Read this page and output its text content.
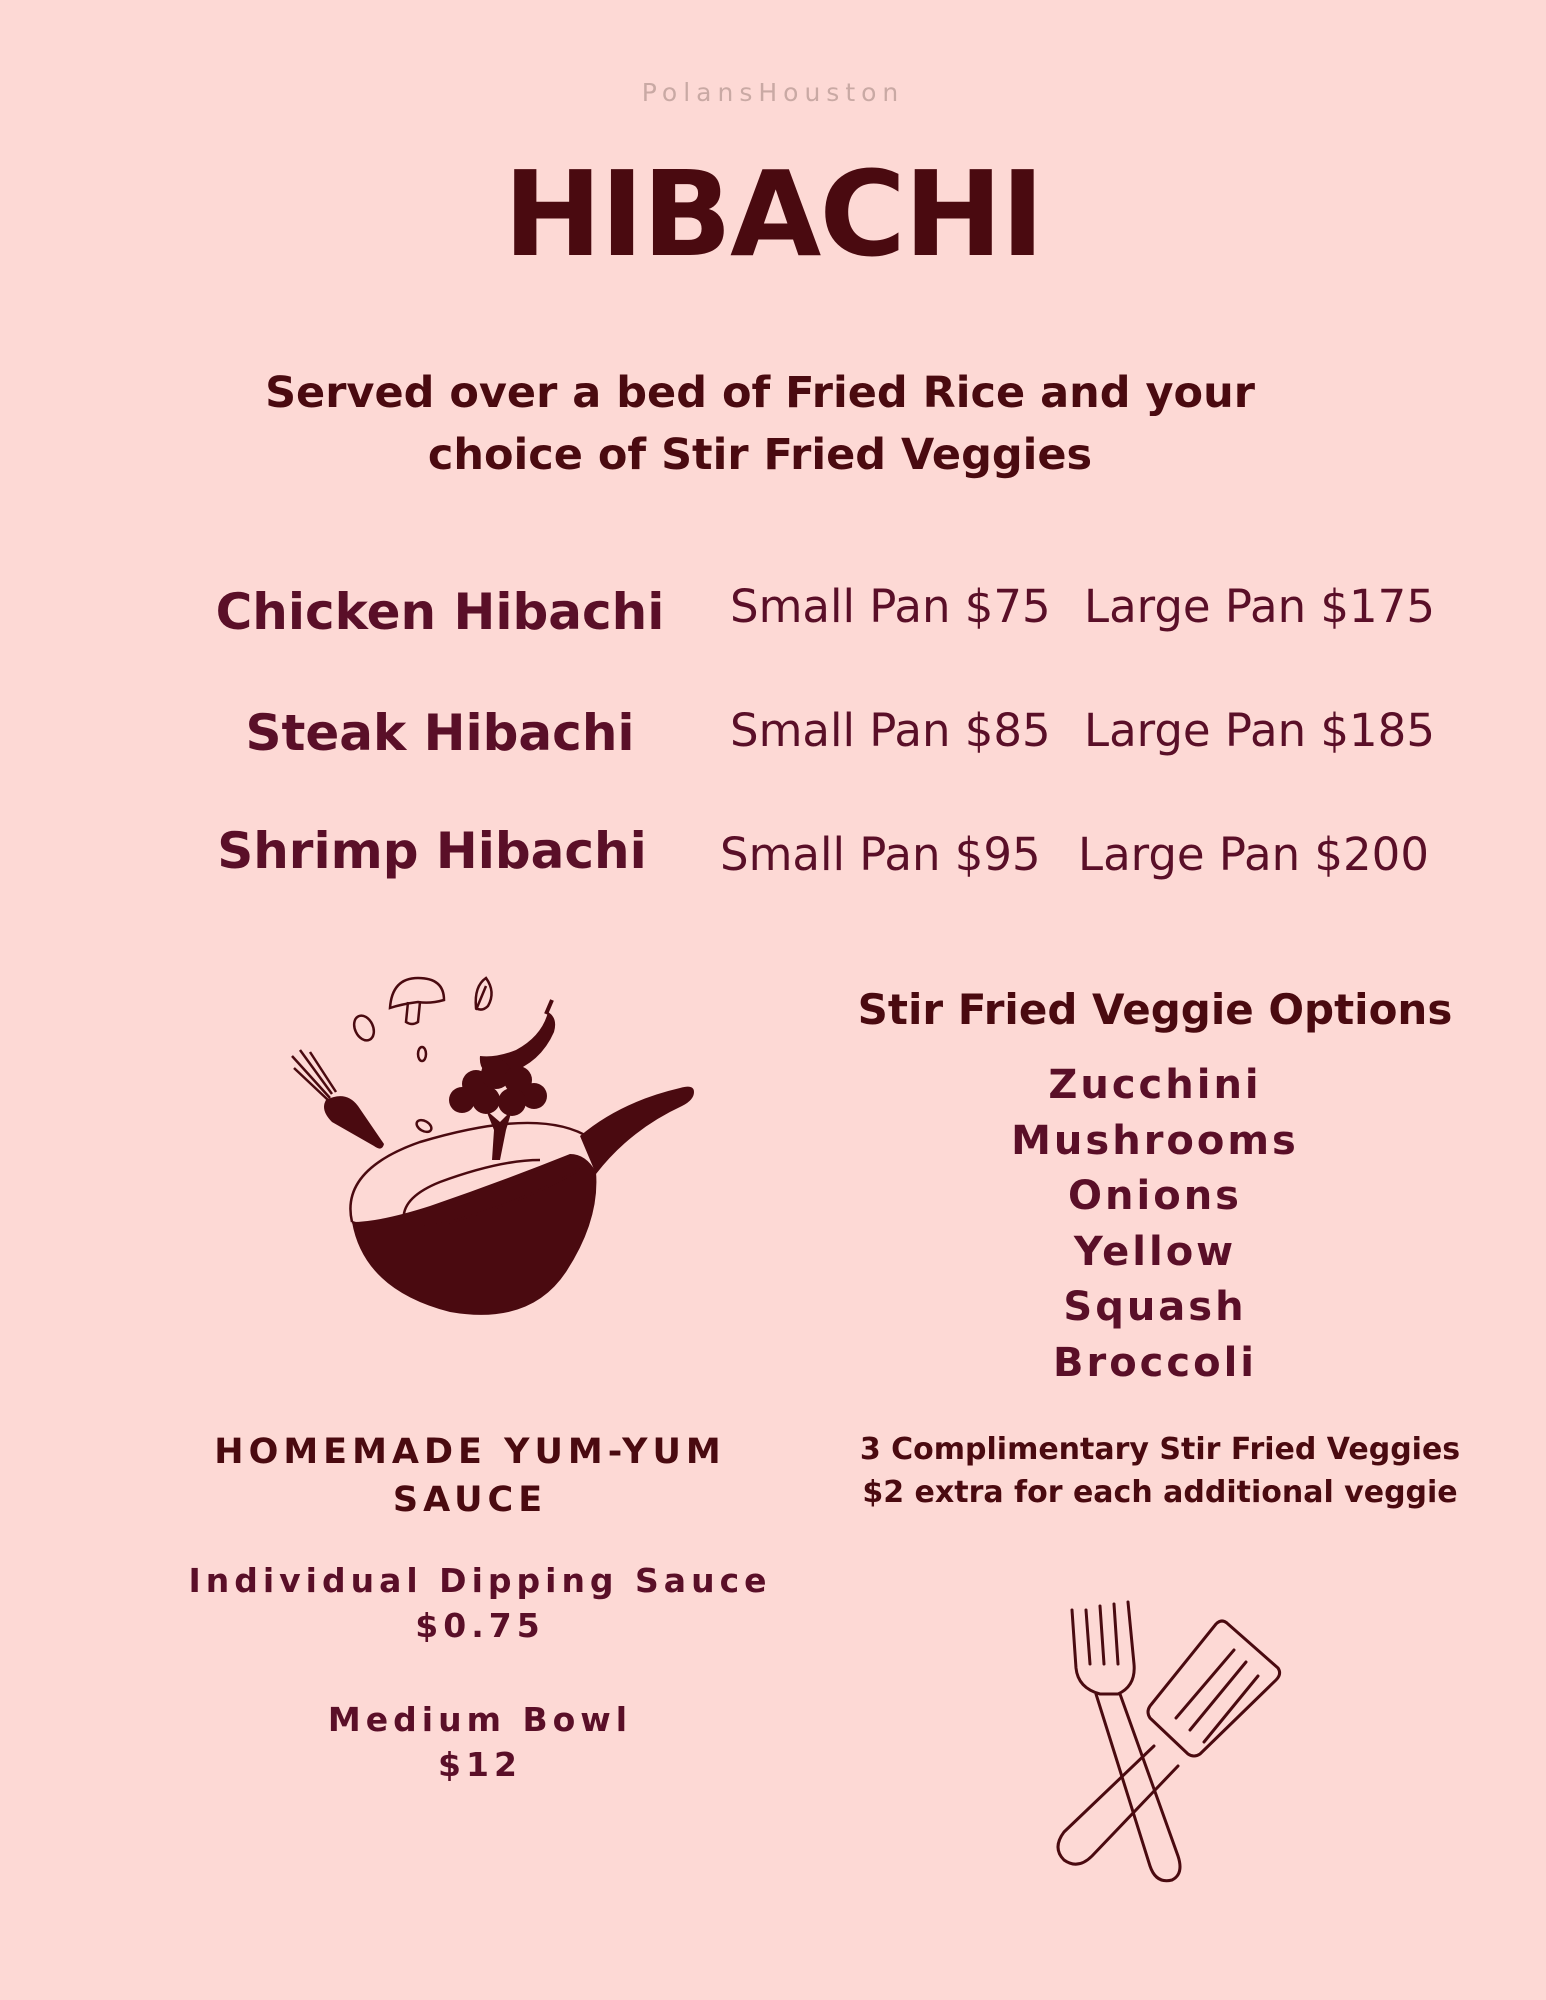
PolansHouston
HIBACHI
Served over a bed of Fried Rice and your
choice of Stir Fried Veggies
Chicken Hibachi	Small Pan $75 Large Pan $175
Steak Hibachi	Small Pan $85 Large Pan $185
Shrimp Hibachi	Small Pan $95 Large Pan $200
Stir Fried Veggie Options
Zucchini
Mushrooms
Onions
Yellow
Squash
Broccoli
3 Complimentary Stir Fried Veggies
$2 extra for each additional veggie
HOMEMADE YUM-YUM
SAUCE
Individual Dipping Sauce
$0.75
Medium Bowl
$12
